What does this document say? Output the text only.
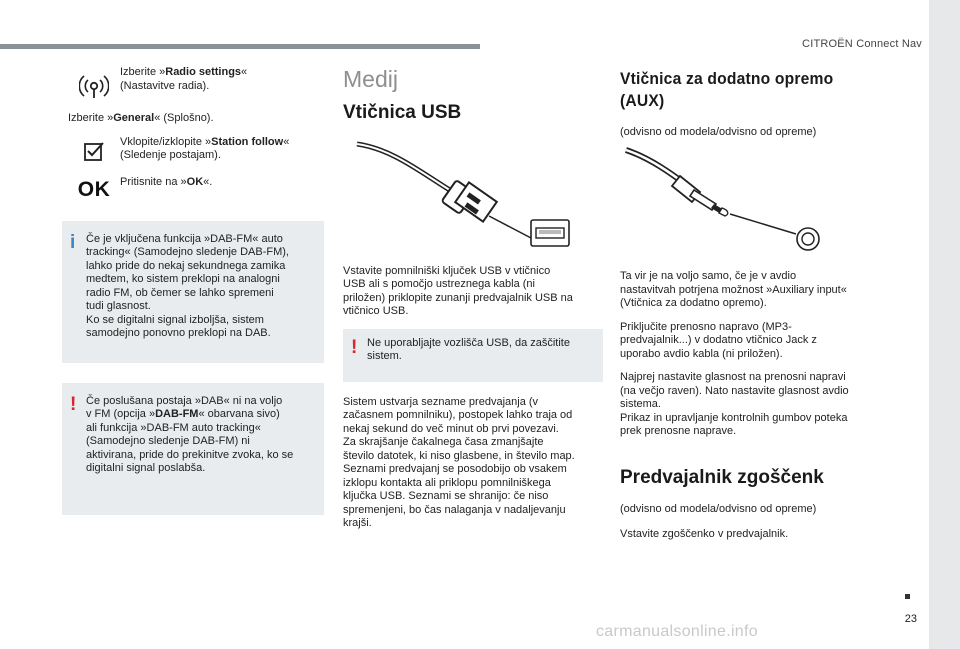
CITROËN Connect Nav
Izberite »Radio settings«
(Nastavitve radia).
Izberite »General« (Splošno).
Vklopite/izklopite »Station follow«
(Sledenje postajam).
OK Pritisnite na »OK«.
i Če je vključena funkcija »DAB-FM« auto

tracking« (Samodejno sledenje DAB-FM),

lahko pride do nekaj sekundnega zamika

medtem, ko sistem preklopi na analogni

radio FM, ob čemer se lahko spremeni

tudi glasnost.

Ko se digitalni signal izboljša, sistem

samodejno ponovno preklopi na DAB.

! Če poslušana postaja »DAB« ni na voljo

v FM (opcija »DAB-FM« obarvana sivo)

ali funkcija »DAB-FM auto tracking«

(Samodejno sledenje DAB-FM) ni

aktivirana, pride do prekinitve zvoka, ko se

digitalni signal poslabša.

Medij
Vtičnica USB

Vstavite pomnilniški ključek USB v vtičnico

USB ali s pomočjo ustreznega kabla (ni

priložen) priklopite zunanji predvajalnik USB na

vtičnico USB.

! Ne uporabljajte vozlišča USB, da zaščitite

sistem.

Sistem ustvarja sezname predvajanja (v

začasnem pomnilniku), postopek lahko traja od

nekaj sekund do več minut ob prvi povezavi.

Za skrajšanje čakalnega časa zmanjšajte

število datotek, ki niso glasbene, in število map.

Seznami predvajanj se posodobijo ob vsakem

izklopu kontakta ali priklopu pomnilniškega

ključka USB. Seznami se shranijo: če niso

spremenjeni, bo čas nalaganja v nadaljevanju

krajši.

Vtičnica za dodatno opremo (AUX)
(odvisno od modela/odvisno od opreme)

Ta vir je na voljo samo, če je v avdio

nastavitvah potrjena možnost »Auxiliary input«

(Vtičnica za dodatno opremo).

Priključite prenosno napravo (MP3-

predvajalnik...) v dodatno vtičnico Jack z

uporabo avdio kabla (ni priložen).

Najprej nastavite glasnost na prenosni napravi

(na večjo raven). Nato nastavite glasnost avdio

sistema.

Prikaz in upravljanje kontrolnih gumbov poteka

prek prenosne naprave.

Predvajalnik zgoščenk
(odvisno od modela/odvisno od opreme)
Vstavite zgoščenko v predvajalnik.
23
carmanualsonline.info
